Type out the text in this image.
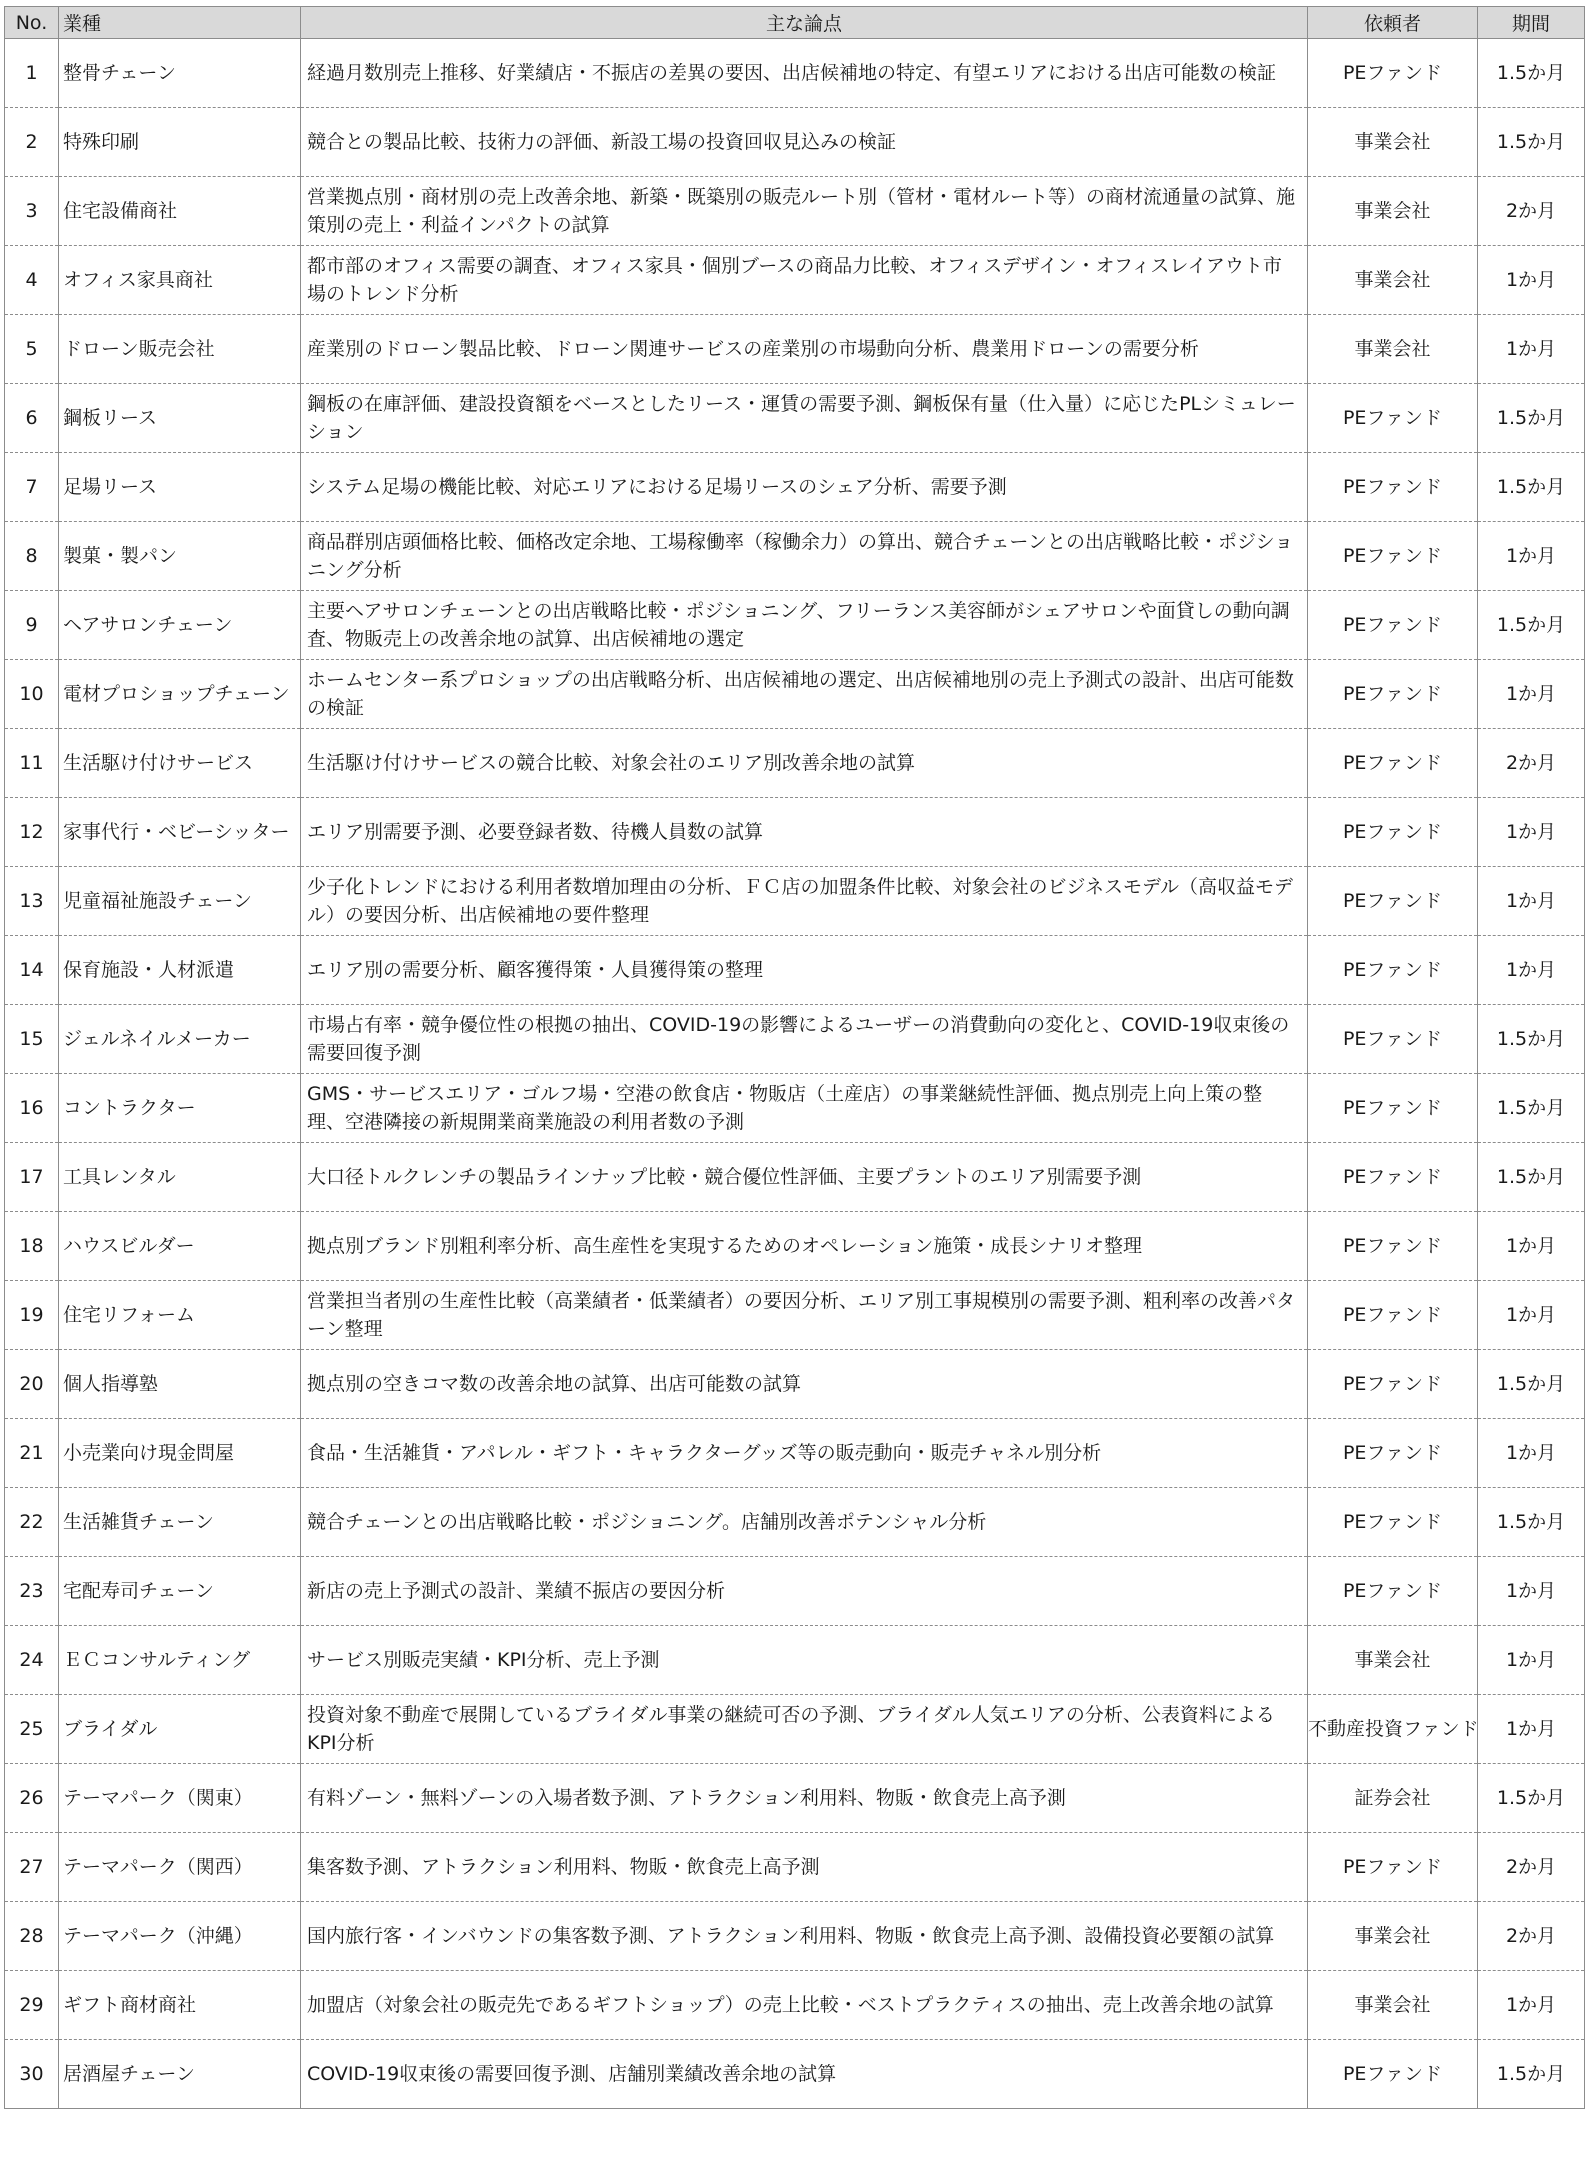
No.	業種	主な論点	依頼者	期間
1	整骨チェーン	経過月数別売上推移、好業績店・不振店の差異の要因、出店候補地の特定、有望エリアにおける出店可能数の検証	PEファンド	1.5か月
2	特殊印刷	競合との製品比較、技術力の評価、新設工場の投資回収見込みの検証	事業会社	1.5か月
3	住宅設備商社	営業拠点別・商材別の売上改善余地、新築・既築別の販売ルート別（管材・電材ルート等）の商材流通量の試算、施策別の売上・利益インパクトの試算	事業会社	2か月
4	オフィス家具商社	都市部のオフィス需要の調査、オフィス家具・個別ブースの商品力比較、オフィスデザイン・オフィスレイアウト市場のトレンド分析	事業会社	1か月
5	ドローン販売会社	産業別のドローン製品比較、ドローン関連サービスの産業別の市場動向分析、農業用ドローンの需要分析	事業会社	1か月
6	鋼板リース	鋼板の在庫評価、建設投資額をベースとしたリース・運賃の需要予測、鋼板保有量（仕入量）に応じたPLシミュレーション	PEファンド	1.5か月
7	足場リース	システム足場の機能比較、対応エリアにおける足場リースのシェア分析、需要予測	PEファンド	1.5か月
8	製菓・製パン	商品群別店頭価格比較、価格改定余地、工場稼働率（稼働余力）の算出、競合チェーンとの出店戦略比較・ポジショニング分析	PEファンド	1か月
9	ヘアサロンチェーン	主要ヘアサロンチェーンとの出店戦略比較・ポジショニング、フリーランス美容師がシェアサロンや面貸しの動向調査、物販売上の改善余地の試算、出店候補地の選定	PEファンド	1.5か月
10	電材プロショップチェーン	ホームセンター系プロショップの出店戦略分析、出店候補地の選定、出店候補地別の売上予測式の設計、出店可能数の検証	PEファンド	1か月
11	生活駆け付けサービス	生活駆け付けサービスの競合比較、対象会社のエリア別改善余地の試算	PEファンド	2か月
12	家事代行・ベビーシッター	エリア別需要予測、必要登録者数、待機人員数の試算	PEファンド	1か月
13	児童福祉施設チェーン	少子化トレンドにおける利用者数増加理由の分析、ＦＣ店の加盟条件比較、対象会社のビジネスモデル（高収益モデル）の要因分析、出店候補地の要件整理	PEファンド	1か月
14	保育施設・人材派遣	エリア別の需要分析、顧客獲得策・人員獲得策の整理	PEファンド	1か月
15	ジェルネイルメーカー	市場占有率・競争優位性の根拠の抽出、COVID-19の影響によるユーザーの消費動向の変化と、COVID-19収束後の需要回復予測	PEファンド	1.5か月
16	コントラクター	GMS・サービスエリア・ゴルフ場・空港の飲食店・物販店（土産店）の事業継続性評価、拠点別売上向上策の整理、空港隣接の新規開業商業施設の利用者数の予測	PEファンド	1.5か月
17	工具レンタル	大口径トルクレンチの製品ラインナップ比較・競合優位性評価、主要プラントのエリア別需要予測	PEファンド	1.5か月
18	ハウスビルダー	拠点別ブランド別粗利率分析、高生産性を実現するためのオペレーション施策・成長シナリオ整理	PEファンド	1か月
19	住宅リフォーム	営業担当者別の生産性比較（高業績者・低業績者）の要因分析、エリア別工事規模別の需要予測、粗利率の改善パターン整理	PEファンド	1か月
20	個人指導塾	拠点別の空きコマ数の改善余地の試算、出店可能数の試算	PEファンド	1.5か月
21	小売業向け現金問屋	食品・生活雑貨・アパレル・ギフト・キャラクターグッズ等の販売動向・販売チャネル別分析	PEファンド	1か月
22	生活雑貨チェーン	競合チェーンとの出店戦略比較・ポジショニング。店舗別改善ポテンシャル分析	PEファンド	1.5か月
23	宅配寿司チェーン	新店の売上予測式の設計、業績不振店の要因分析	PEファンド	1か月
24	ＥＣコンサルティング	サービス別販売実績・KPI分析、売上予測	事業会社	1か月
25	ブライダル	投資対象不動産で展開しているブライダル事業の継続可否の予測、ブライダル人気エリアの分析、公表資料によるKPI分析	不動産投資ファンド	1か月
26	テーマパーク（関東）	有料ゾーン・無料ゾーンの入場者数予測、アトラクション利用料、物販・飲食売上高予測	証券会社	1.5か月
27	テーマパーク（関西）	集客数予測、アトラクション利用料、物販・飲食売上高予測	PEファンド	2か月
28	テーマパーク（沖縄）	国内旅行客・インバウンドの集客数予測、アトラクション利用料、物販・飲食売上高予測、設備投資必要額の試算	事業会社	2か月
29	ギフト商材商社	加盟店（対象会社の販売先であるギフトショップ）の売上比較・ベストプラクティスの抽出、売上改善余地の試算	事業会社	1か月
30	居酒屋チェーン	COVID-19収束後の需要回復予測、店舗別業績改善余地の試算	PEファンド	1.5か月
